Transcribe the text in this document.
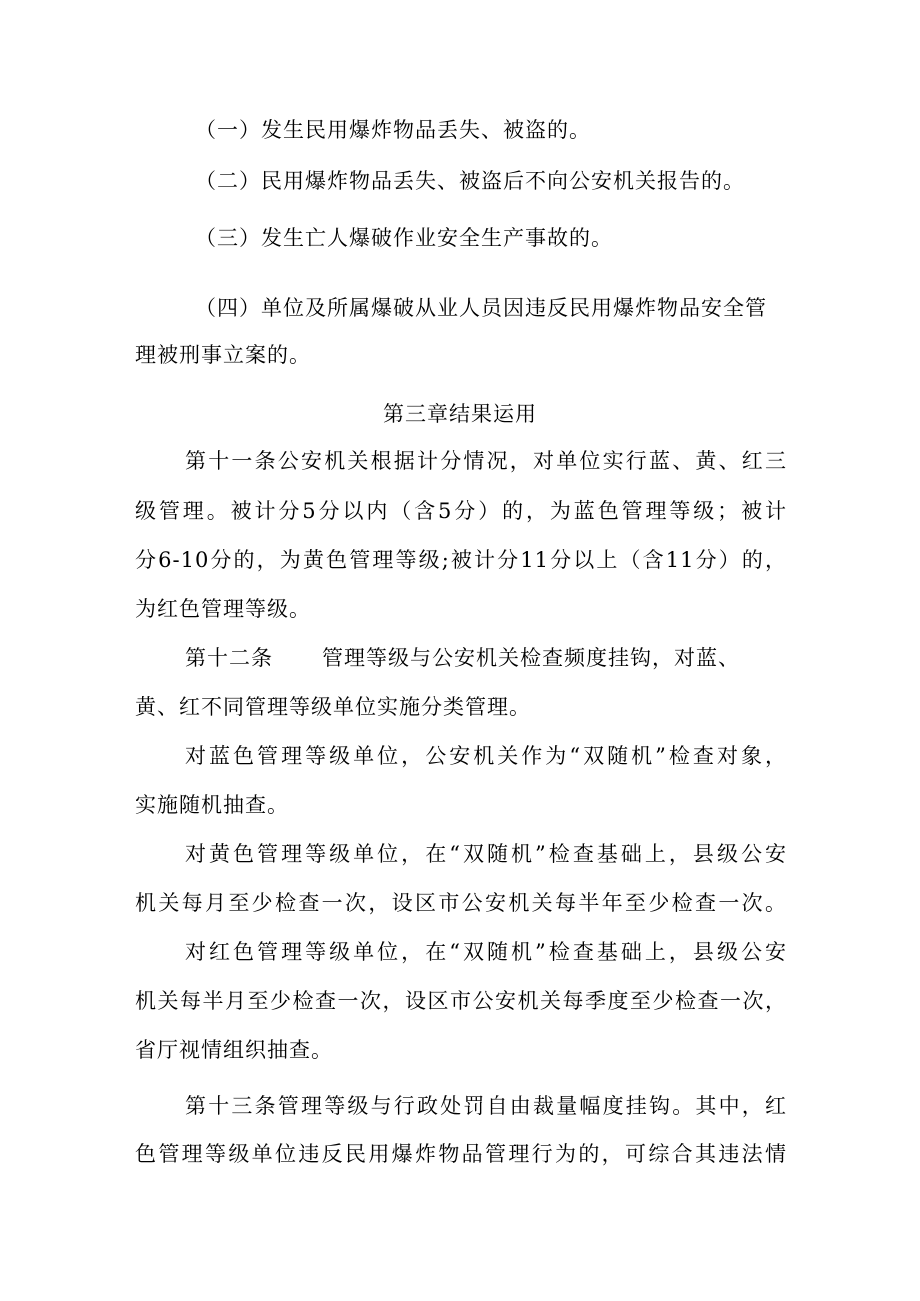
（一）发生民用爆炸物品丢失、被盗的。
（二）民用爆炸物品丢失、被盗后不向公安机关报告的。
（三）发生亡人爆破作业安全生产事故的。
（四）单位及所属爆破从业人员因违反民用爆炸物品安全管
理被刑事立案的。
第三章结果运用
第十一条公安机关根据计分情况，对单位实行蓝、黄、红三
级管理。被计分5分以内（含5分）的，为蓝色管理等级；被计
分6-10分的，为黄色管理等级;被计分11分以上（含11分）的，
为红色管理等级。
第十二条 管理等级与公安机关检查频度挂钩，对蓝、
黄、红不同管理等级单位实施分类管理。
对蓝色管理等级单位，公安机关作为“双随机”检查对象，
实施随机抽查。
对黄色管理等级单位，在“双随机”检查基础上，县级公安
机关每月至少检查一次，设区市公安机关每半年至少检查一次。
对红色管理等级单位，在“双随机”检查基础上，县级公安
机关每半月至少检查一次，设区市公安机关每季度至少检查一次，
省厅视情组织抽查。
第十三条管理等级与行政处罚自由裁量幅度挂钩。其中，红
色管理等级单位违反民用爆炸物品管理行为的，可综合其违法情
